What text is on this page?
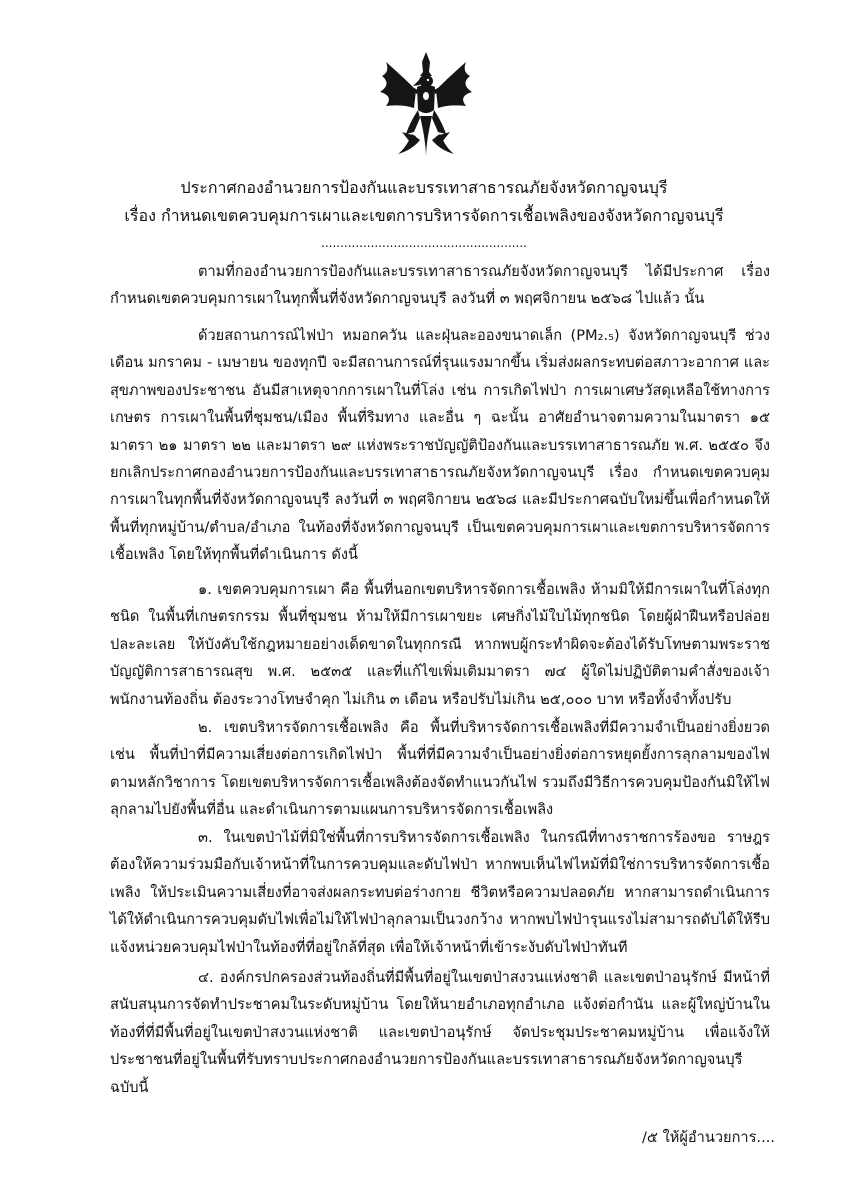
ประกาศกองอำนวยการป้องกันและบรรเทาสาธารณภัยจังหวัดกาญจนบุรี
เรื่อง กำหนดเขตควบคุมการเผาและเขตการบริหารจัดการเชื้อเพลิงของจังหวัดกาญจนบุรี
......................................................

ตามที่กองอำนวยการป้องกันและบรรเทาสาธารณภัยจังหวัดกาญจนบุรี ได้มีประกาศ เรื่อง กำหนดเขตควบคุมการเผาในทุกพื้นที่จังหวัดกาญจนบุรี ลงวันที่ ๓ พฤศจิกายน ๒๕๖๘ ไปแล้ว นั้น

ด้วยสถานการณ์ไฟป่า หมอกควัน และฝุ่นละอองขนาดเล็ก (PM₂.₅) จังหวัดกาญจนบุรี ช่วงเดือน มกราคม - เมษายน ของทุกปี จะมีสถานการณ์ที่รุนแรงมากขึ้น เริ่มส่งผลกระทบต่อสภาวะอากาศ และสุขภาพของประชาชน อันมีสาเหตุจากการเผาในที่โล่ง เช่น การเกิดไฟป่า การเผาเศษวัสดุเหลือใช้ทางการเกษตร การเผาในพื้นที่ชุมชน/เมือง พื้นที่ริมทาง และอื่น ๆ ฉะนั้น อาศัยอำนาจตามความในมาตรา ๑๕ มาตรา ๒๑ มาตรา ๒๒ และมาตรา ๒๙ แห่งพระราชบัญญัติป้องกันและบรรเทาสาธารณภัย พ.ศ. ๒๕๕๐ จึงยกเลิกประกาศกองอำนวยการป้องกันและบรรเทาสาธารณภัยจังหวัดกาญจนบุรี เรื่อง กำหนดเขตควบคุมการเผาในทุกพื้นที่จังหวัดกาญจนบุรี ลงวันที่ ๓ พฤศจิกายน ๒๕๖๘ และมีประกาศฉบับใหม่ขึ้นเพื่อกำหนดให้พื้นที่ทุกหมู่บ้าน/ตำบล/อำเภอ ในท้องที่จังหวัดกาญจนบุรี เป็นเขตควบคุมการเผาและเขตการบริหารจัดการเชื้อเพลิง โดยให้ทุกพื้นที่ดำเนินการ ดังนี้

๑. เขตควบคุมการเผา คือ พื้นที่นอกเขตบริหารจัดการเชื้อเพลิง ห้ามมิให้มีการเผาในที่โล่งทุกชนิด ในพื้นที่เกษตรกรรม พื้นที่ชุมชน ห้ามให้มีการเผาขยะ เศษกิ่งไม้ใบไม้ทุกชนิด โดยผู้ฝ่าฝืนหรือปล่อยปละละเลย ให้บังคับใช้กฎหมายอย่างเด็ดขาดในทุกกรณี หากพบผู้กระทำผิดจะต้องได้รับโทษตามพระราชบัญญัติการสาธารณสุข พ.ศ. ๒๕๓๕ และที่แก้ไขเพิ่มเติมมาตรา ๗๔ ผู้ใดไม่ปฏิบัติตามคำสั่งของเจ้าพนักงานท้องถิ่น ต้องระวางโทษจำคุก ไม่เกิน ๓ เดือน หรือปรับไม่เกิน ๒๕,๐๐๐ บาท หรือทั้งจำทั้งปรับ

๒. เขตบริหารจัดการเชื้อเพลิง คือ พื้นที่บริหารจัดการเชื้อเพลิงที่มีความจำเป็นอย่างยิ่งยวด เช่น พื้นที่ป่าที่มีความเสี่ยงต่อการเกิดไฟป่า พื้นที่ที่มีความจำเป็นอย่างยิ่งต่อการหยุดยั้งการลุกลามของไฟ ตามหลักวิชาการ โดยเขตบริหารจัดการเชื้อเพลิงต้องจัดทำแนวกันไฟ รวมถึงมีวิธีการควบคุมป้องกันมิให้ไฟลุกลามไปยังพื้นที่อื่น และดำเนินการตามแผนการบริหารจัดการเชื้อเพลิง

๓. ในเขตป่าไม้ที่มิใช่พื้นที่การบริหารจัดการเชื้อเพลิง ในกรณีที่ทางราชการร้องขอ ราษฎรต้องให้ความร่วมมือกับเจ้าหน้าที่ในการควบคุมและดับไฟป่า หากพบเห็นไฟไหม้ที่มิใช่การบริหารจัดการเชื้อเพลิง ให้ประเมินความเสี่ยงที่อาจส่งผลกระทบต่อร่างกาย ชีวิตหรือความปลอดภัย หากสามารถดำเนินการได้ให้ดำเนินการควบคุมดับไฟเพื่อไม่ให้ไฟป่าลุกลามเป็นวงกว้าง หากพบไฟป่ารุนแรงไม่สามารถดับได้ให้รีบแจ้งหน่วยควบคุมไฟป่าในท้องที่ที่อยู่ใกล้ที่สุด เพื่อให้เจ้าหน้าที่เข้าระงับดับไฟป่าทันที

๔. องค์กรปกครองส่วนท้องถิ่นที่มีพื้นที่อยู่ในเขตป่าสงวนแห่งชาติ และเขตป่าอนุรักษ์ มีหน้าที่สนับสนุนการจัดทำประชาคมในระดับหมู่บ้าน โดยให้นายอำเภอทุกอำเภอ แจ้งต่อกำนัน และผู้ใหญ่บ้านในท้องที่ที่มีพื้นที่อยู่ในเขตป่าสงวนแห่งชาติ และเขตป่าอนุรักษ์ จัดประชุมประชาคมหมู่บ้าน เพื่อแจ้งให้ประชาชนที่อยู่ในพื้นที่รับทราบประกาศกองอำนวยการป้องกันและบรรเทาสาธารณภัยจังหวัดกาญจนบุรีฉบับนี้

/๕ ให้ผู้อำนวยการ....
